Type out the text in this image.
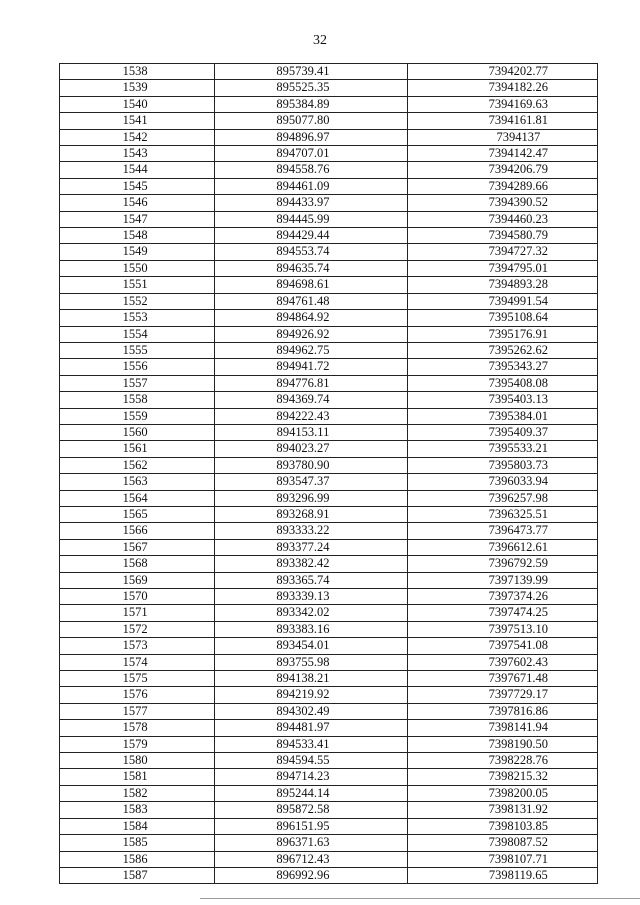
32
1538	895739.41	7394202.77
1539	895525.35	7394182.26
1540	895384.89	7394169.63
1541	895077.80	7394161.81
1542	894896.97	7394137
1543	894707.01	7394142.47
1544	894558.76	7394206.79
1545	894461.09	7394289.66
1546	894433.97	7394390.52
1547	894445.99	7394460.23
1548	894429.44	7394580.79
1549	894553.74	7394727.32
1550	894635.74	7394795.01
1551	894698.61	7394893.28
1552	894761.48	7394991.54
1553	894864.92	7395108.64
1554	894926.92	7395176.91
1555	894962.75	7395262.62
1556	894941.72	7395343.27
1557	894776.81	7395408.08
1558	894369.74	7395403.13
1559	894222.43	7395384.01
1560	894153.11	7395409.37
1561	894023.27	7395533.21
1562	893780.90	7395803.73
1563	893547.37	7396033.94
1564	893296.99	7396257.98
1565	893268.91	7396325.51
1566	893333.22	7396473.77
1567	893377.24	7396612.61
1568	893382.42	7396792.59
1569	893365.74	7397139.99
1570	893339.13	7397374.26
1571	893342.02	7397474.25
1572	893383.16	7397513.10
1573	893454.01	7397541.08
1574	893755.98	7397602.43
1575	894138.21	7397671.48
1576	894219.92	7397729.17
1577	894302.49	7397816.86
1578	894481.97	7398141.94
1579	894533.41	7398190.50
1580	894594.55	7398228.76
1581	894714.23	7398215.32
1582	895244.14	7398200.05
1583	895872.58	7398131.92
1584	896151.95	7398103.85
1585	896371.63	7398087.52
1586	896712.43	7398107.71
1587	896992.96	7398119.65
